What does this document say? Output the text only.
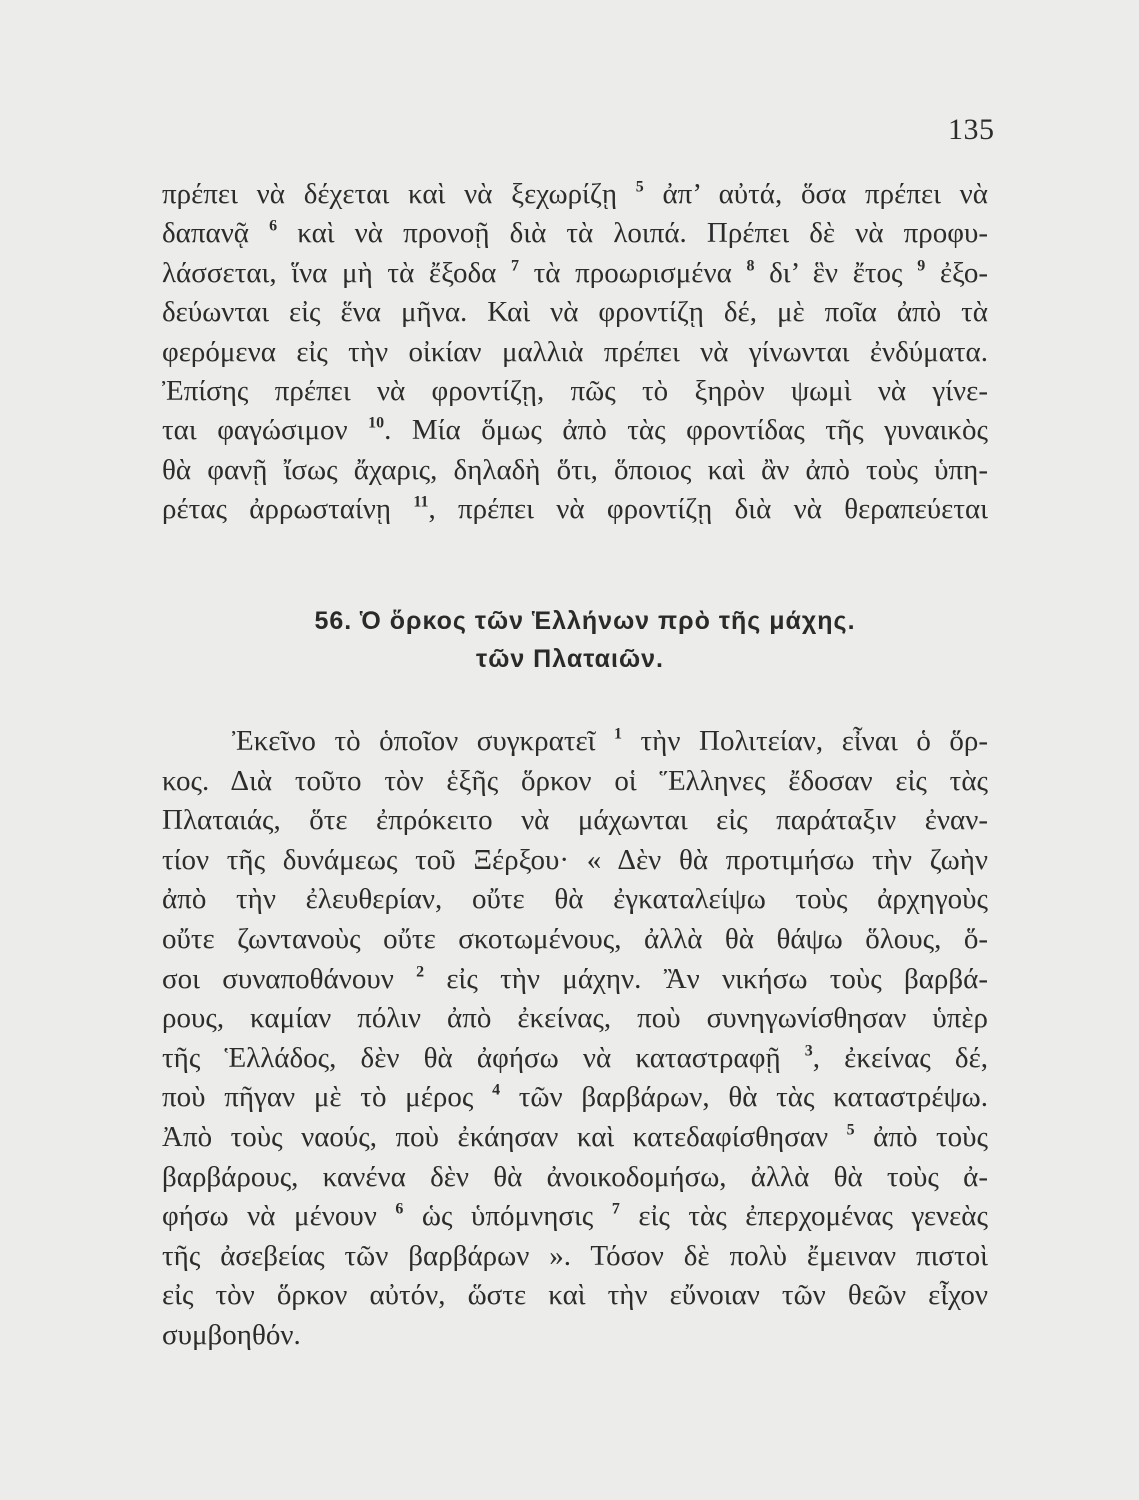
135
πρέπει νὰ δέχεται καὶ νὰ ξεχωρίζῃ $^5$ ἀπ’ αὐτά, ὅσα πρέπει νὰ
δαπανᾷ $^6$ καὶ νὰ προνοῇ διὰ τὰ λοιπά. Πρέπει δὲ νὰ προφυ-
λάσσεται, ἵνα μὴ τὰ ἔξοδα $^7$ τὰ προωρισμένα $^8$ δι’ ἓν ἔτος $^9$ ἐξο-
δεύωνται εἰς ἕνα μῆνα. Καὶ νὰ φροντίζῃ δέ, μὲ ποῖα ἀπὸ τὰ
φερόμενα εἰς τὴν οἰκίαν μαλλιὰ πρέπει νὰ γίνωνται ἐνδύματα.
Ἐπίσης πρέπει νὰ φροντίζῃ, πῶς τὸ ξηρὸν ψωμὶ νὰ γίνε-
ται φαγώσιμον $^{10}$. Μία ὅμως ἀπὸ τὰς φροντίδας τῆς γυναικὸς
θὰ φανῇ ἴσως ἄχαρις, δηλαδὴ ὅτι, ὅποιος καὶ ἂν ἀπὸ τοὺς ὑπη-
ρέτας ἀρρωσταίνῃ $^{11}$, πρέπει νὰ φροντίζῃ διὰ νὰ θεραπεύεται
56. Ὁ ὅρκος τῶν Ἑλλήνων πρὸ τῆς μάχης.
τῶν Πλαταιῶν.
Ἐκεῖνο τὸ ὁποῖον συγκρατεῖ $^1$ τὴν Πολιτείαν, εἶναι ὁ ὅρ-
κος. Διὰ τοῦτο τὸν ἑξῆς ὅρκον οἱ Ἕλληνες ἔδοσαν εἰς τὰς
Πλαταιάς, ὅτε ἐπρόκειτο νὰ μάχωνται εἰς παράταξιν ἐναν-
τίον τῆς δυνάμεως τοῦ Ξέρξου· « Δὲν θὰ προτιμήσω τὴν ζωὴν
ἀπὸ τὴν ἐλευθερίαν, οὔτε θὰ ἐγκαταλείψω τοὺς ἀρχηγοὺς
οὔτε ζωντανοὺς οὔτε σκοτωμένους, ἀλλὰ θὰ θάψω ὅλους, ὅ-
σοι συναποθάνουν $^2$ εἰς τὴν μάχην. Ἂν νικήσω τοὺς βαρβά-
ρους, καμίαν πόλιν ἀπὸ ἐκείνας, ποὺ συνηγωνίσθησαν ὑπὲρ
τῆς Ἑλλάδος, δὲν θὰ ἀφήσω νὰ καταστραφῇ $^3$, ἐκείνας δέ,
ποὺ πῆγαν μὲ τὸ μέρος $^4$ τῶν βαρβάρων, θὰ τὰς καταστρέψω.
Ἀπὸ τοὺς ναούς, ποὺ ἐκάησαν καὶ κατεδαφίσθησαν $^5$ ἀπὸ τοὺς
βαρβάρους, κανένα δὲν θὰ ἀνοικοδομήσω, ἀλλὰ θὰ τοὺς ἀ-
φήσω νὰ μένουν $^6$ ὡς ὑπόμνησις $^7$ εἰς τὰς ἐπερχομένας γενεὰς
τῆς ἀσεβείας τῶν βαρβάρων ». Τόσον δὲ πολὺ ἔμειναν πιστοὶ
εἰς τὸν ὅρκον αὐτόν, ὥστε καὶ τὴν εὔνοιαν τῶν θεῶν εἶχον
συμβοηθόν.
